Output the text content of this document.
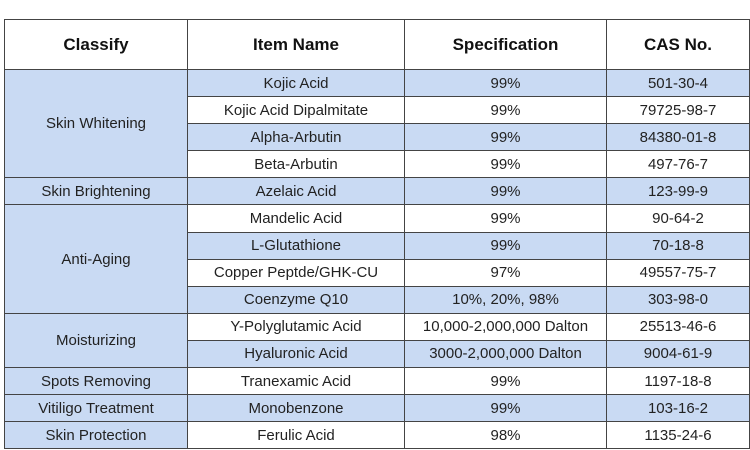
Classify	Item Name	Specification	CAS No.
Skin Whitening	Kojic Acid	99%	501-30-4
	Kojic Acid Dipalmitate	99%	79725-98-7
	Alpha-Arbutin	99%	84380-01-8
	Beta-Arbutin	99%	497-76-7
Skin Brightening	Azelaic Acid	99%	123-99-9
Anti-Aging	Mandelic Acid	99%	90-64-2
	L-Glutathione	99%	70-18-8
	Copper Peptde/GHK-CU	97%	49557-75-7
	Coenzyme Q10	10%, 20%, 98%	303-98-0
Moisturizing	Y-Polyglutamic Acid	10,000-2,000,000 Dalton	25513-46-6
	Hyaluronic Acid	3000-2,000,000 Dalton	9004-61-9
Spots Removing	Tranexamic Acid	99%	1197-18-8
Vitiligo Treatment	Monobenzone	99%	103-16-2
Skin Protection	Ferulic Acid	98%	1135-24-6
